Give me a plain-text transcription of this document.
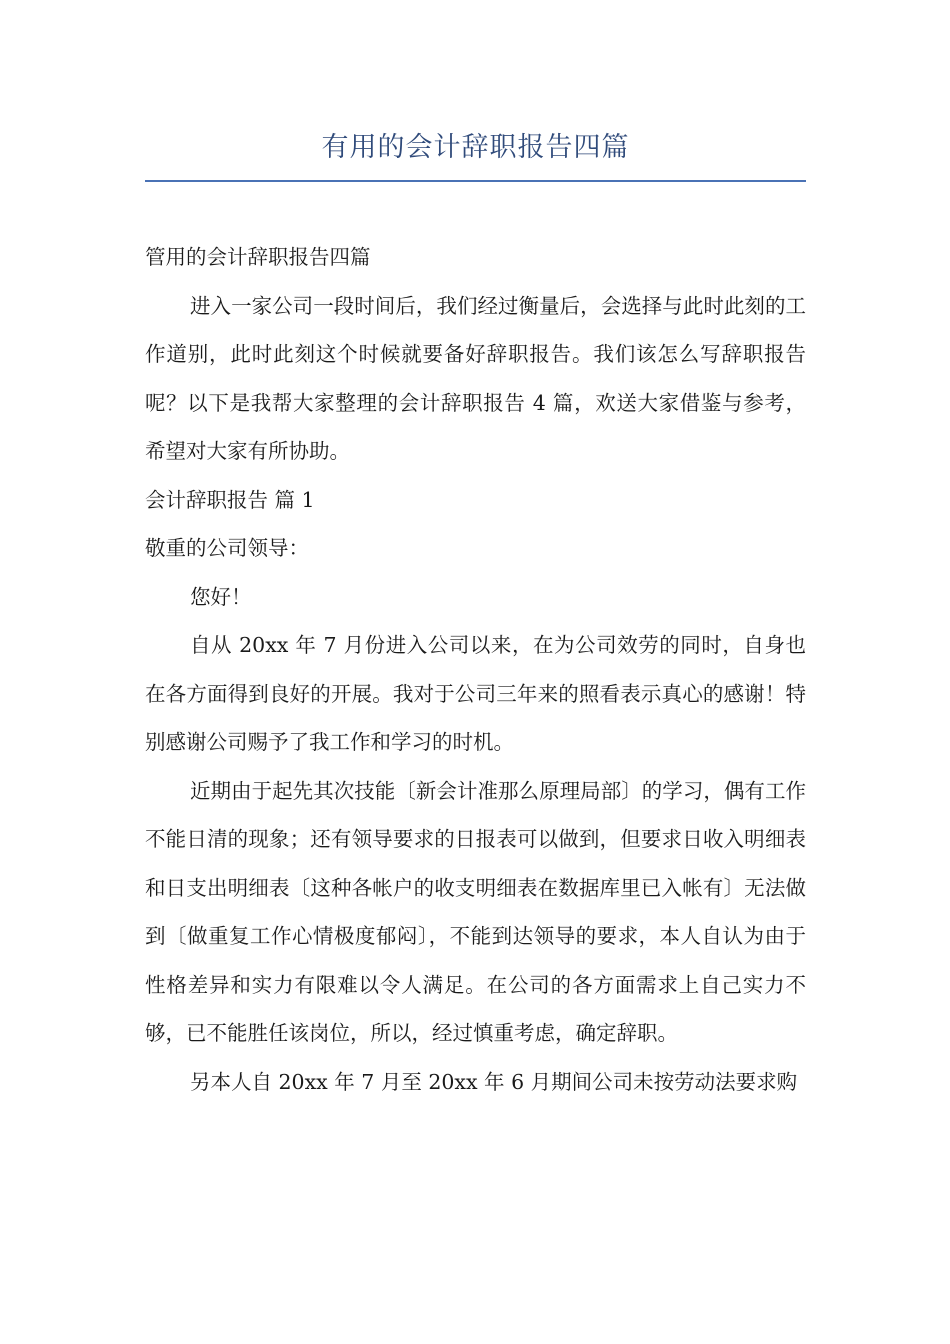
有用的会计辞职报告四篇

管用的会计辞职报告四篇

进入一家公司一段时间后，我们经过衡量后，会选择与此时此刻的工作道别，此时此刻这个时候就要备好辞职报告。我们该怎么写辞职报告呢？以下是我帮大家整理的会计辞职报告 4 篇，欢送大家借鉴与参考，希望对大家有所协助。

会计辞职报告 篇 1

敬重的公司领导：

您好！

自从 20xx 年 7 月份进入公司以来，在为公司效劳的同时，自身也在各方面得到良好的开展。我对于公司三年来的照看表示真心的感谢！特别感谢公司赐予了我工作和学习的时机。

近期由于起先其次技能〔新会计准那么原理局部〕的学习，偶有工作不能日清的现象；还有领导要求的日报表可以做到，但要求日收入明细表和日支出明细表〔这种各帐户的收支明细表在数据库里已入帐有〕无法做到〔做重复工作心情极度郁闷〕，不能到达领导的要求，本人自认为由于性格差异和实力有限难以令人满足。在公司的各方面需求上自己实力不够，已不能胜任该岗位，所以，经过慎重考虑，确定辞职。

另本人自 20xx 年 7 月至 20xx 年 6 月期间公司未按劳动法要求购
